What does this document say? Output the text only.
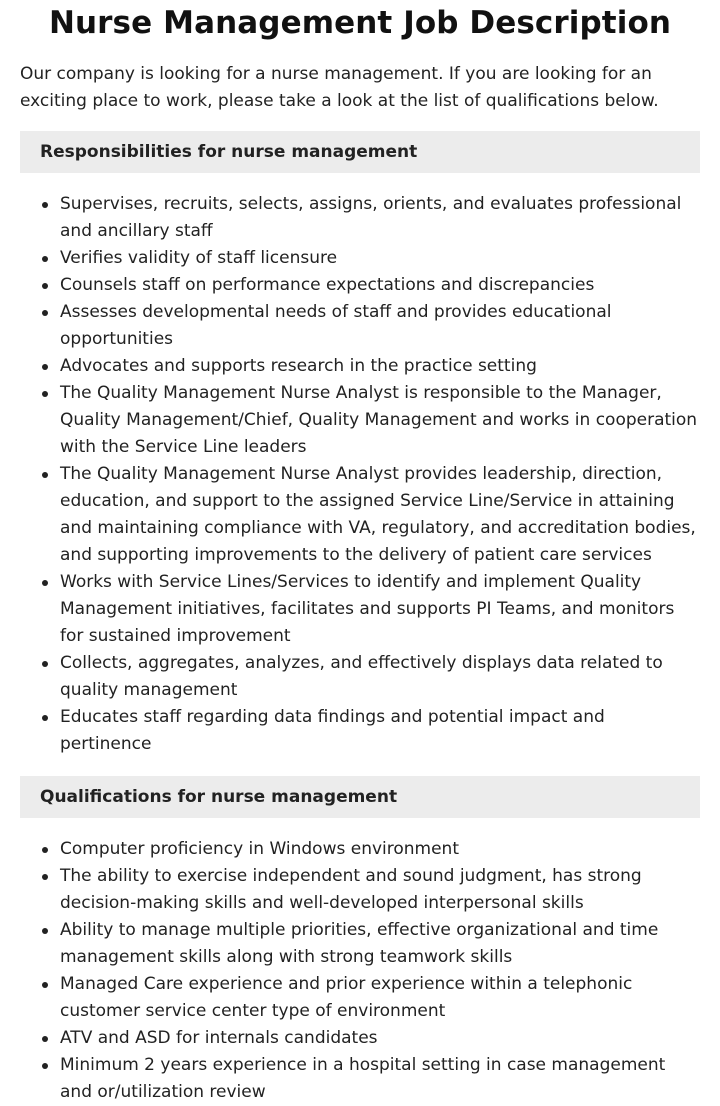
Nurse Management Job Description

Our company is looking for a nurse management. If you are looking for an exciting place to work, please take a look at the list of qualifications below.

Responsibilities for nurse management
Supervises, recruits, selects, assigns, orients, and evaluates professional and ancillary staff
Verifies validity of staff licensure
Counsels staff on performance expectations and discrepancies
Assesses developmental needs of staff and provides educational opportunities
Advocates and supports research in the practice setting
The Quality Management Nurse Analyst is responsible to the Manager, Quality Management/Chief, Quality Management and works in cooperation with the Service Line leaders
The Quality Management Nurse Analyst provides leadership, direction, education, and support to the assigned Service Line/Service in attaining and maintaining compliance with VA, regulatory, and accreditation bodies, and supporting improvements to the delivery of patient care services
Works with Service Lines/Services to identify and implement Quality Management initiatives, facilitates and supports PI Teams, and monitors for sustained improvement
Collects, aggregates, analyzes, and effectively displays data related to quality management
Educates staff regarding data findings and potential impact and pertinence
Qualifications for nurse management
Computer proficiency in Windows environment
The ability to exercise independent and sound judgment, has strong decision-making skills and well-developed interpersonal skills
Ability to manage multiple priorities, effective organizational and time management skills along with strong teamwork skills
Managed Care experience and prior experience within a telephonic customer service center type of environment
ATV and ASD for internals candidates
Minimum 2 years experience in a hospital setting in case management and or/utilization review
